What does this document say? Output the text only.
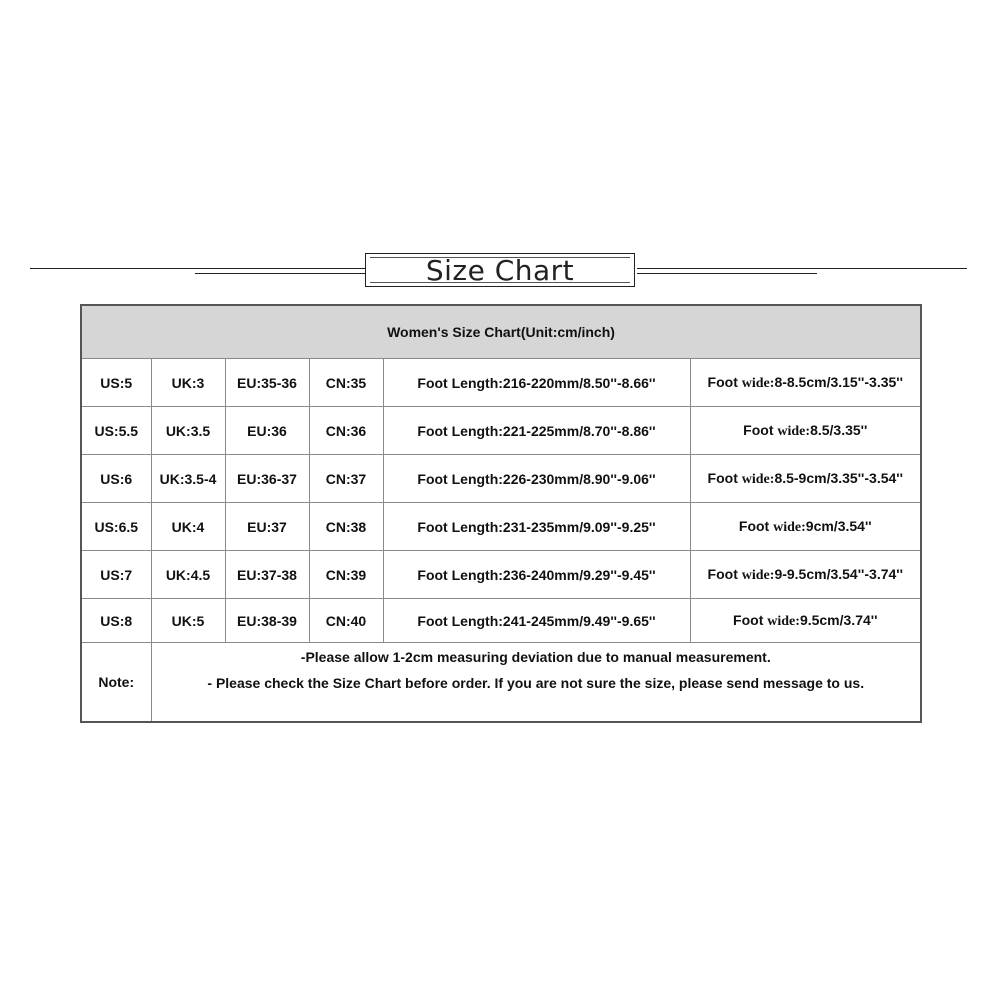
Size Chart
Women's Size Chart(Unit:cm/inch)					
US:5	UK:3	EU:35-36	CN:35	Foot Length:216-220mm/8.50''-8.66''	Foot wide:8-8.5cm/3.15''-3.35''
US:5.5	UK:3.5	EU:36	CN:36	Foot Length:221-225mm/8.70''-8.86''	Foot wide:8.5/3.35''
US:6	UK:3.5-4	EU:36-37	CN:37	Foot Length:226-230mm/8.90''-9.06''	Foot wide:8.5-9cm/3.35''-3.54''
US:6.5	UK:4	EU:37	CN:38	Foot Length:231-235mm/9.09''-9.25''	Foot wide:9cm/3.54''
US:7	UK:4.5	EU:37-38	CN:39	Foot Length:236-240mm/9.29''-9.45''	Foot wide:9-9.5cm/3.54''-3.74''
US:8	UK:5	EU:38-39	CN:40	Foot Length:241-245mm/9.49''-9.65''	Foot wide:9.5cm/3.74''
Note:	-Please allow 1-2cm measuring deviation due to manual measurement.
- Please check the Size Chart before order. If you are not sure the size, please send message to us.				
